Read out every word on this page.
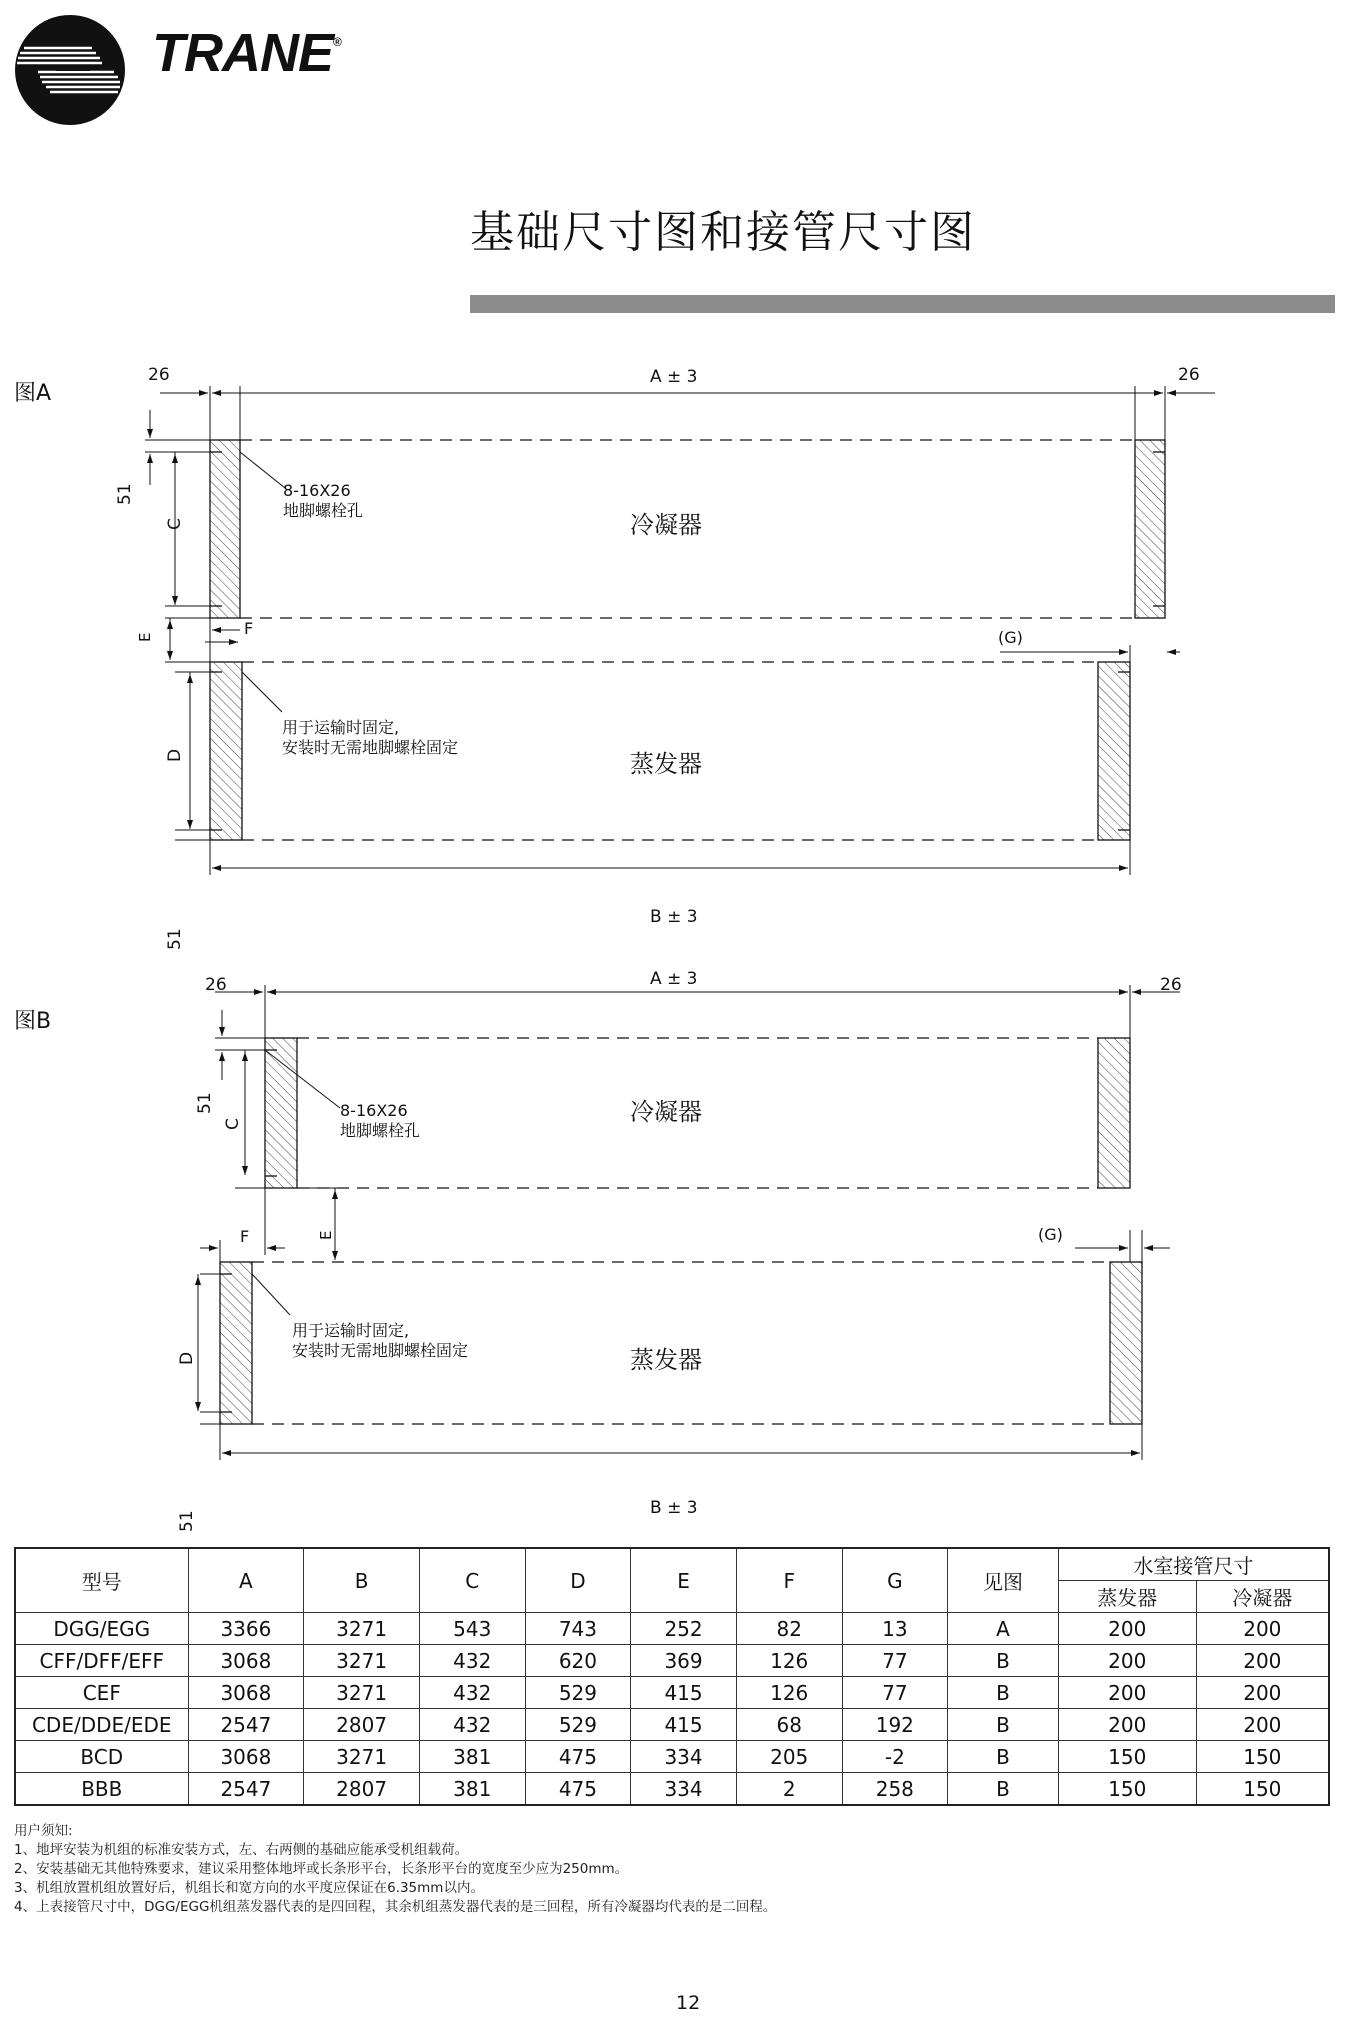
TRANE®
基础尺寸图和接管尺寸图
图A
图B
A ± 3
B ± 3
26	26
51
C
E	F	(G)
D
51
8-16X26
地脚螺栓孔
用于运输时固定,
安装时无需地脚螺栓固定
冷凝器
蒸发器
A ± 3
B ± 3
26	26
51
C
E
F	(G)
D
51
8-16X26
地脚螺栓孔
用于运输时固定,
安装时无需地脚螺栓固定
冷凝器
蒸发器
型号	A	B	C	D	E	F	G	见图	水室接管尺寸	
									蒸发器	冷凝器
DGG/EGG	3366	3271	543	743	252	82	13	A	200	200
CFF/DFF/EFF	3068	3271	432	620	369	126	77	B	200	200
CEF	3068	3271	432	529	415	126	77	B	200	200
CDE/DDE/EDE	2547	2807	432	529	415	68	192	B	200	200
BCD	3068	3271	381	475	334	205	-2	B	150	150
BBB	2547	2807	381	475	334	2	258	B	150	150
用户须知:
1、地坪安装为机组的标准安装方式，左、右两侧的基础应能承受机组载荷。
2、安装基础无其他特殊要求，建议采用整体地坪或长条形平台，长条形平台的宽度至少应为250mm。
3、机组放置机组放置好后，机组长和宽方向的水平度应保证在6.35mm以内。
4、上表接管尺寸中，DGG/EGG机组蒸发器代表的是四回程，其余机组蒸发器代表的是三回程，所有冷凝器均代表的是二回程。
12
